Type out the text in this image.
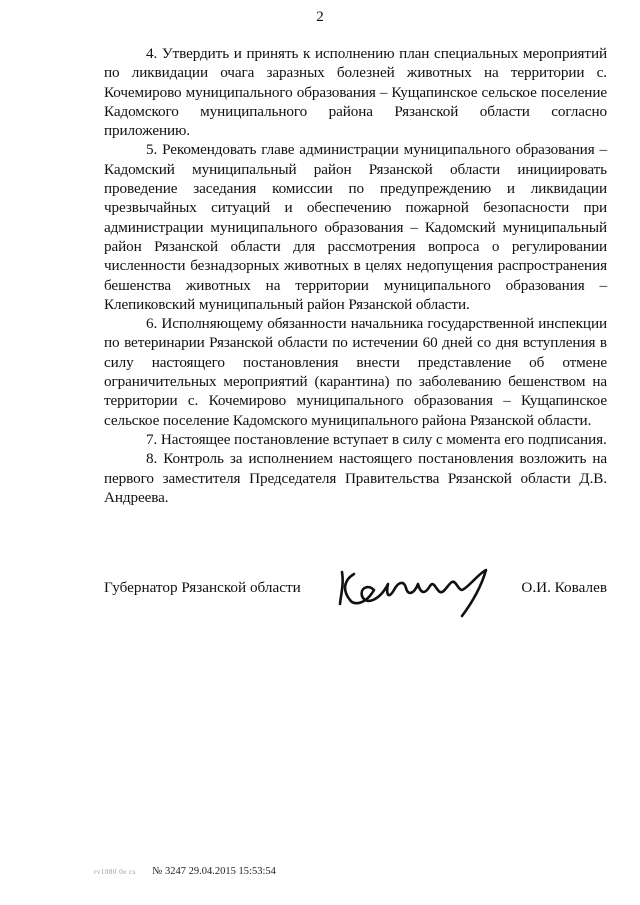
2

4. Утвердить и принять к исполнению план специальных мероприятий по ликвидации очага заразных болезней животных на территории с. Кочемирово муниципального образования – Кущапинское сельское поселение Кадомского муниципального района Рязанской области согласно приложению.

5. Рекомендовать главе администрации муниципального образования – Кадомский муниципальный район Рязанской области инициировать проведение заседания комиссии по предупреждению и ликвидации чрезвычайных ситуаций и обеспечению пожарной безопасности при администрации муниципального образования – Кадомский муниципальный район Рязанской области для рассмотрения вопроса о регулировании численности безнадзорных животных в целях недопущения распространения бешенства животных на территории муниципального образования – Клепиковский муниципальный район Рязанской области.

6. Исполняющему обязанности начальника государственной инспекции по ветеринарии Рязанской области по истечении 60 дней со дня вступления в силу настоящего постановления внести представление об отмене ограничительных мероприятий (карантина) по заболеванию бешенством на территории с. Кочемирово муниципального образования – Кущапинское сельское поселение Кадомского муниципального района Рязанской области.

7. Настоящее постановление вступает в силу с момента его подписания.

8. Контроль за исполнением настоящего постановления возложить на первого заместителя Председателя Правительства Рязанской области Д.В. Андреева.

Губернатор Рязанской области	О.И. Ковалев
rv1080 0e cs № 3247 29.04.2015 15:53:54
